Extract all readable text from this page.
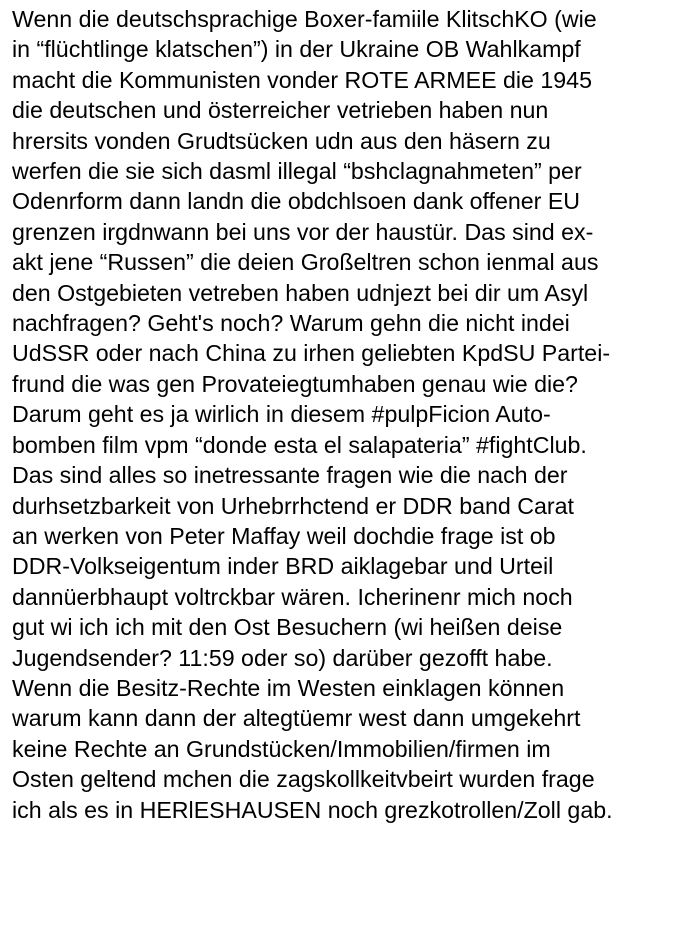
Wenn die deutschsprachige Boxer-famiile KlitschKO (wie
in “flüchtlinge klatschen”) in der Ukraine OB Wahlkampf
macht die Kommunisten vonder ROTE ARMEE die 1945
die deutschen und österreicher vetrieben haben nun
hrersits vonden Grudtsücken udn aus den häsern zu
werfen die sie sich dasml illegal “bshclagnahmeten” per
Odenrform dann landn die obdchlsoen dank offener EU
grenzen irgdnwann bei uns vor der haustür. Das sind ex-
akt jene “Russen” die deien Großeltren schon ienmal aus
den Ostgebieten vetreben haben udnjezt bei dir um Asyl
nachfragen? Geht's noch? Warum gehn die nicht indei
UdSSR oder nach China zu irhen geliebten KpdSU Partei-
frund die was gen Provateiegtumhaben genau wie die?
Darum geht es ja wirlich in diesem #pulpFicion Auto-
bomben film vpm “donde esta el salapateria” #fightClub.
Das sind alles so inetressante fragen wie die nach der
durhsetzbarkeit von Urhebrrhctend er DDR band Carat
an werken von Peter Maffay weil dochdie frage ist ob
DDR-Volkseigentum inder BRD aiklagebar und Urteil
dannüerbhaupt voltrckbar wären. Icherinenr mich noch
gut wi ich ich mit den Ost Besuchern (wi heißen deise
Jugendsender? 11:59 oder so) darüber gezofft habe.
Wenn die Besitz-Rechte im Westen einklagen können
warum kann dann der altegtüemr west dann umgekehrt
keine Rechte an Grundstücken/Immobilien/firmen im
Osten geltend mchen die zagskollkeitvbeirt wurden frage
ich als es in HERlESHAUSEN noch grezkotrollen/Zoll gab.
